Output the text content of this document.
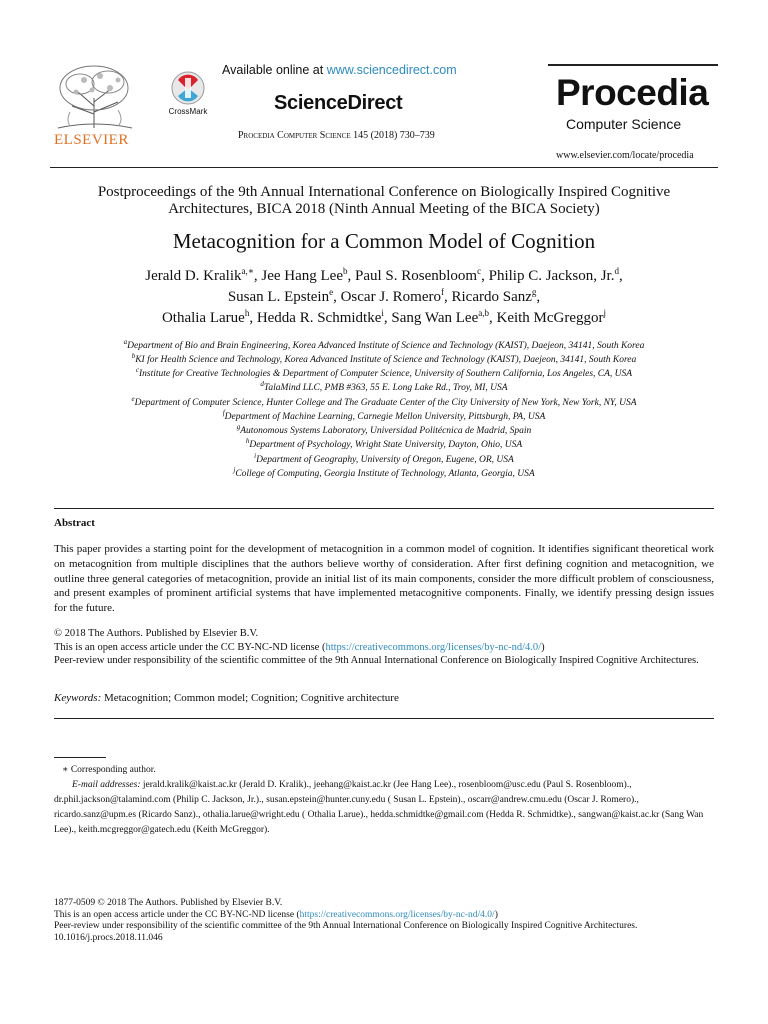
ELSEVIER
CrossMark
Available online at www.sciencedirect.com
ScienceDirect
Procedia Computer Science 145 (2018) 730–739
Procedia
Computer Science
www.elsevier.com/locate/procedia
Postproceedings of the 9th Annual International Conference on Biologically Inspired Cognitive
Architectures, BICA 2018 (Ninth Annual Meeting of the BICA Society)
Metacognition for a Common Model of Cognition
Jerald D. Kralik$^{a,∗}$, Jee Hang Lee$^b$, Paul S. Rosenbloom$^c$, Philip C. Jackson, Jr.$^d$,
Susan L. Epstein$^e$, Oscar J. Romero$^f$, Ricardo Sanz$^g$,
Othalia Larue$^h$, Hedda R. Schmidtke$^i$, Sang Wan Lee$^{a,b}$, Keith McGreggor$^j$
$^a$Department of Bio and Brain Engineering, Korea Advanced Institute of Science and Technology (KAIST), Daejeon, 34141, South Korea
$^b$KI for Health Science and Technology, Korea Advanced Institute of Science and Technology (KAIST), Daejeon, 34141, South Korea
$^c$Institute for Creative Technologies & Department of Computer Science, University of Southern California, Los Angeles, CA, USA
$^d$TalaMind LLC, PMB #363, 55 E. Long Lake Rd., Troy, MI, USA
$^e$Department of Computer Science, Hunter College and The Graduate Center of the City University of New York, New York, NY, USA
$^f$Department of Machine Learning, Carnegie Mellon University, Pittsburgh, PA, USA
$^g$Autonomous Systems Laboratory, Universidad Politécnica de Madrid, Spain
$^h$Department of Psychology, Wright State University, Dayton, Ohio, USA
$^i$Department of Geography, University of Oregon, Eugene, OR, USA
$^j$College of Computing, Georgia Institute of Technology, Atlanta, Georgia, USA
Abstract
This paper provides a starting point for the development of metacognition in a common model of cognition. It identifies significant theoretical work on metacognition from multiple disciplines that the authors believe worthy of consideration. After first defining cognition and metacognition, we outline three general categories of metacognition, provide an initial list of its main components, consider the more difficult problem of consciousness, and present examples of prominent artificial systems that have implemented metacognitive components. Finally, we identify pressing design issues for the future.
© 2018 The Authors. Published by Elsevier B.V.
This is an open access article under the CC BY-NC-ND license (https://creativecommons.org/licenses/by-nc-nd/4.0/)
Peer-review under responsibility of the scientific committee of the 9th Annual International Conference on Biologically Inspired Cognitive Architectures.
Keywords: Metacognition; Common model; Cognition; Cognitive architecture
∗ Corresponding author.
E-mail addresses: jerald.kralik@kaist.ac.kr (Jerald D. Kralik)., jeehang@kaist.ac.kr (Jee Hang Lee)., rosenbloom@usc.edu (Paul S. Rosenbloom)., dr.phil.jackson@talamind.com (Philip C. Jackson, Jr.)., susan.epstein@hunter.cuny.edu ( Susan L. Epstein)., oscarr@andrew.cmu.edu (Oscar J. Romero)., ricardo.sanz@upm.es (Ricardo Sanz)., othalia.larue@wright.edu ( Othalia Larue)., hedda.schmidtke@gmail.com (Hedda R. Schmidtke)., sangwan@kaist.ac.kr (Sang Wan Lee)., keith.mcgreggor@gatech.edu (Keith McGreggor).
1877-0509 © 2018 The Authors. Published by Elsevier B.V.
This is an open access article under the CC BY-NC-ND license (https://creativecommons.org/licenses/by-nc-nd/4.0/)
Peer-review under responsibility of the scientific committee of the 9th Annual International Conference on Biologically Inspired Cognitive Architectures.
10.1016/j.procs.2018.11.046
